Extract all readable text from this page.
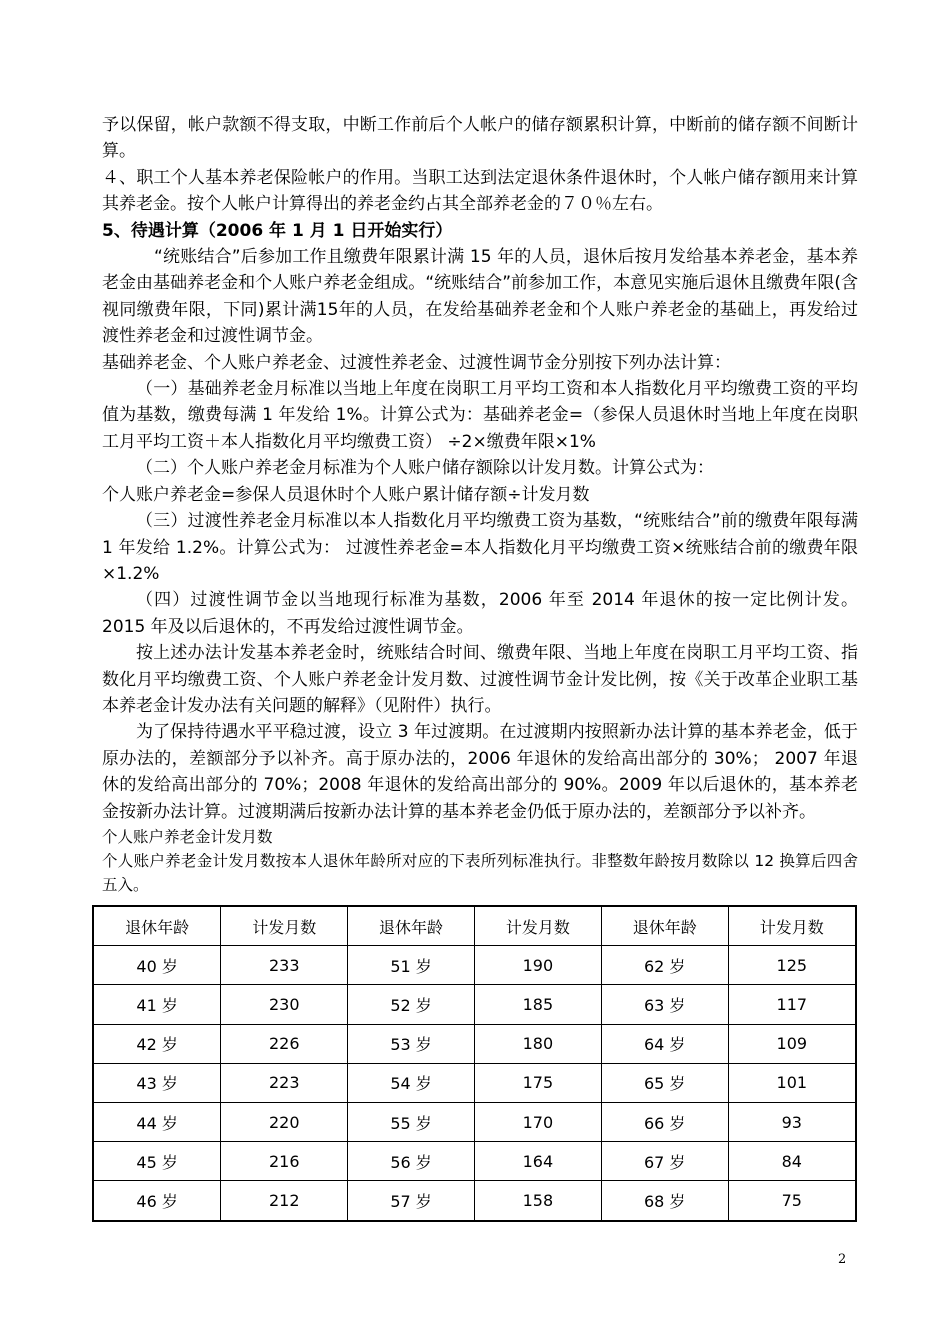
予以保留，帐户款额不得支取，中断工作前后个人帐户的储存额累积计算，中断前的储存额不间断计算。

４、职工个人基本养老保险帐户的作用。当职工达到法定退休条件退休时，个人帐户储存额用来计算其养老金。按个人帐户计算得出的养老金约占其全部养老金的７０％左右。

5、待遇计算（2006 年 1 月 1 日开始实行）

“统账结合”后参加工作且缴费年限累计满 15 年的人员，退休后按月发给基本养老金，基本养老金由基础养老金和个人账户养老金组成。“统账结合”前参加工作，本意见实施后退休且缴费年限(含视同缴费年限，下同)累计满15年的人员，在发给基础养老金和个人账户养老金的基础上，再发给过渡性养老金和过渡性调节金。

基础养老金、个人账户养老金、过渡性养老金、过渡性调节金分别按下列办法计算：

（一）基础养老金月标准以当地上年度在岗职工月平均工资和本人指数化月平均缴费工资的平均值为基数，缴费每满 1 年发给 1%。计算公式为：基础养老金=（参保人员退休时当地上年度在岗职工月平均工资＋本人指数化月平均缴费工资） ÷2×缴费年限×1%

（二）个人账户养老金月标准为个人账户储存额除以计发月数。计算公式为：

个人账户养老金=参保人员退休时个人账户累计储存额÷计发月数

（三）过渡性养老金月标准以本人指数化月平均缴费工资为基数，“统账结合”前的缴费年限每满 1 年发给 1.2%。计算公式为： 过渡性养老金=本人指数化月平均缴费工资×统账结合前的缴费年限×1.2%

（四）过渡性调节金以当地现行标准为基数，2006 年至 2014 年退休的按一定比例计发。2015 年及以后退休的，不再发给过渡性调节金。

按上述办法计发基本养老金时，统账结合时间、缴费年限、当地上年度在岗职工月平均工资、指数化月平均缴费工资、个人账户养老金计发月数、过渡性调节金计发比例，按《关于改革企业职工基本养老金计发办法有关问题的解释》（见附件）执行。

为了保持待遇水平平稳过渡，设立 3 年过渡期。在过渡期内按照新办法计算的基本养老金，低于原办法的，差额部分予以补齐。高于原办法的，2006 年退休的发给高出部分的 30%； 2007 年退休的发给高出部分的 70%；2008 年退休的发给高出部分的 90%。2009 年以后退休的，基本养老金按新办法计算。过渡期满后按新办法计算的基本养老金仍低于原办法的，差额部分予以补齐。

个人账户养老金计发月数

个人账户养老金计发月数按本人退休年龄所对应的下表所列标准执行。非整数年龄按月数除以 12 换算后四舍五入。

退休年龄	计发月数	退休年龄	计发月数	退休年龄	计发月数
40 岁	233	51 岁	190	62 岁	125
41 岁	230	52 岁	185	63 岁	117
42 岁	226	53 岁	180	64 岁	109
43 岁	223	54 岁	175	65 岁	101
44 岁	220	55 岁	170	66 岁	93
45 岁	216	56 岁	164	67 岁	84
46 岁	212	57 岁	158	68 岁	75
2
